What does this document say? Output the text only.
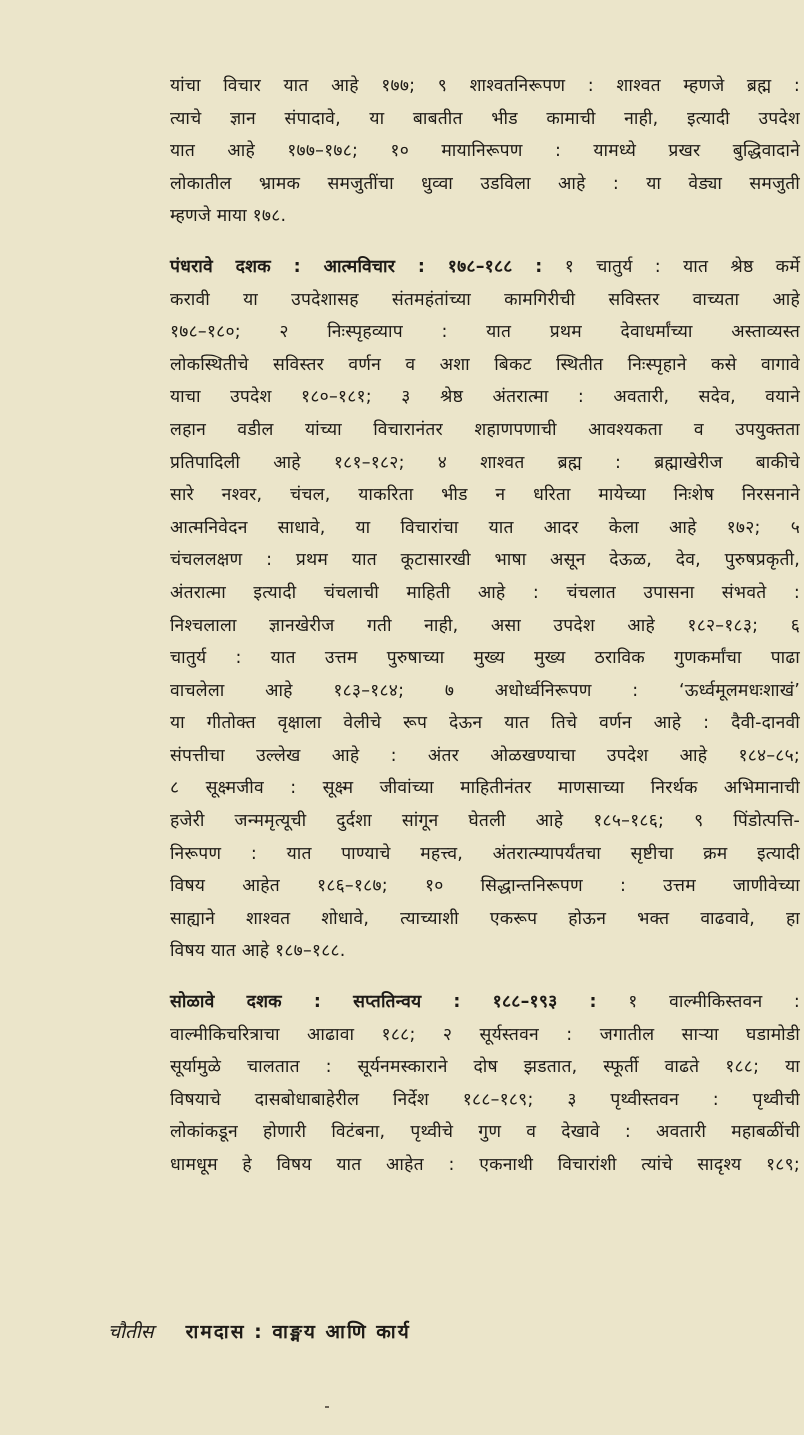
यांचा विचार यात आहे १७७; ९ शाश्वतनिरूपण : शाश्वत म्हणजे ब्रह्म :
त्याचे ज्ञान संपादावे, या बाबतीत भीड कामाची नाही, इत्यादी उपदेश
यात आहे १७७–१७८; १० मायानिरूपण : यामध्ये प्रखर बुद्धिवादाने
लोकातील भ्रामक समजुतींचा धुव्वा उडविला आहे : या वेड्या समजुती
म्हणजे माया १७८.

पंधरावे दशक : आत्मविचार : १७८–१८८ : १ चातुर्य : यात श्रेष्ठ कर्मे
करावी या उपदेशासह संतमहंतांच्या कामगिरीची सविस्तर वाच्यता आहे
१७८–१८०; २ निःस्पृहव्याप : यात प्रथम देवाधर्मांच्या अस्ताव्यस्त
लोकस्थितीचे सविस्तर वर्णन व अशा बिकट स्थितीत निःस्पृहाने कसे वागावे
याचा उपदेश १८०–१८१; ३ श्रेष्ठ अंतरात्मा : अवतारी, सदेव, वयाने
लहान वडील यांच्या विचारानंतर शहाणपणाची आवश्यकता व उपयुक्तता
प्रतिपादिली आहे १८१–१८२; ४ शाश्वत ब्रह्म : ब्रह्माखेरीज बाकीचे
सारे नश्वर, चंचल, याकरिता भीड न धरिता मायेच्या निःशेष निरसनाने
आत्मनिवेदन साधावे, या विचारांचा यात आदर केला आहे १७२; ५
चंचललक्षण : प्रथम यात कूटासारखी भाषा असून देऊळ, देव, पुरुषप्रकृती,
अंतरात्मा इत्यादी चंचलाची माहिती आहे : चंचलात उपासना संभवते :
निश्चलाला ज्ञानखेरीज गती नाही, असा उपदेश आहे १८२–१८३; ६
चातुर्य : यात उत्तम पुरुषाच्या मुख्य मुख्य ठराविक गुणकर्मांचा पाढा
वाचलेला आहे १८३–१८४; ७ अधोर्ध्वनिरूपण : ‘ऊर्ध्वमूलमधःशाखं’
या गीतोक्त वृक्षाला वेलीचे रूप देऊन यात तिचे वर्णन आहे : दैवी-दानवी
संपत्तीचा उल्लेख आहे : अंतर ओळखण्याचा उपदेश आहे १८४–८५;
८ सूक्ष्मजीव : सूक्ष्म जीवांच्या माहितीनंतर माणसाच्या निरर्थक अभिमानाची
हजेरी जन्ममृत्यूची दुर्दशा सांगून घेतली आहे १८५–१८६; ९ पिंडोत्पत्ति-
निरूपण : यात पाण्याचे महत्त्व, अंतरात्म्यापर्यंतचा सृष्टीचा क्रम इत्यादी
विषय आहेत १८६–१८७; १० सिद्धान्तनिरूपण : उत्तम जाणीवेच्या
साह्याने शाश्वत शोधावे, त्याच्याशी एकरूप होऊन भक्त वाढवावे, हा
विषय यात आहे १८७–१८८.

सोळावे दशक : सप्ततिन्वय : १८८–१९३ : १ वाल्मीकिस्तवन :
वाल्मीकिचरित्राचा आढावा १८८; २ सूर्यस्तवन : जगातील साऱ्या घडामोडी
सूर्यामुळे चालतात : सूर्यनमस्काराने दोष झडतात, स्फूर्ती वाढते १८८; या
विषयाचे दासबोधाबाहेरील निर्देश १८८–१८९; ३ पृथ्वीस्तवन : पृथ्वीची
लोकांकडून होणारी विटंबना, पृथ्वीचे गुण व देखावे : अवतारी महाबळींची
धामधूम हे विषय यात आहेत : एकनाथी विचारांशी त्यांचे सादृश्य १८९;

चौतीस रामदास : वाङ्मय आणि कार्य
